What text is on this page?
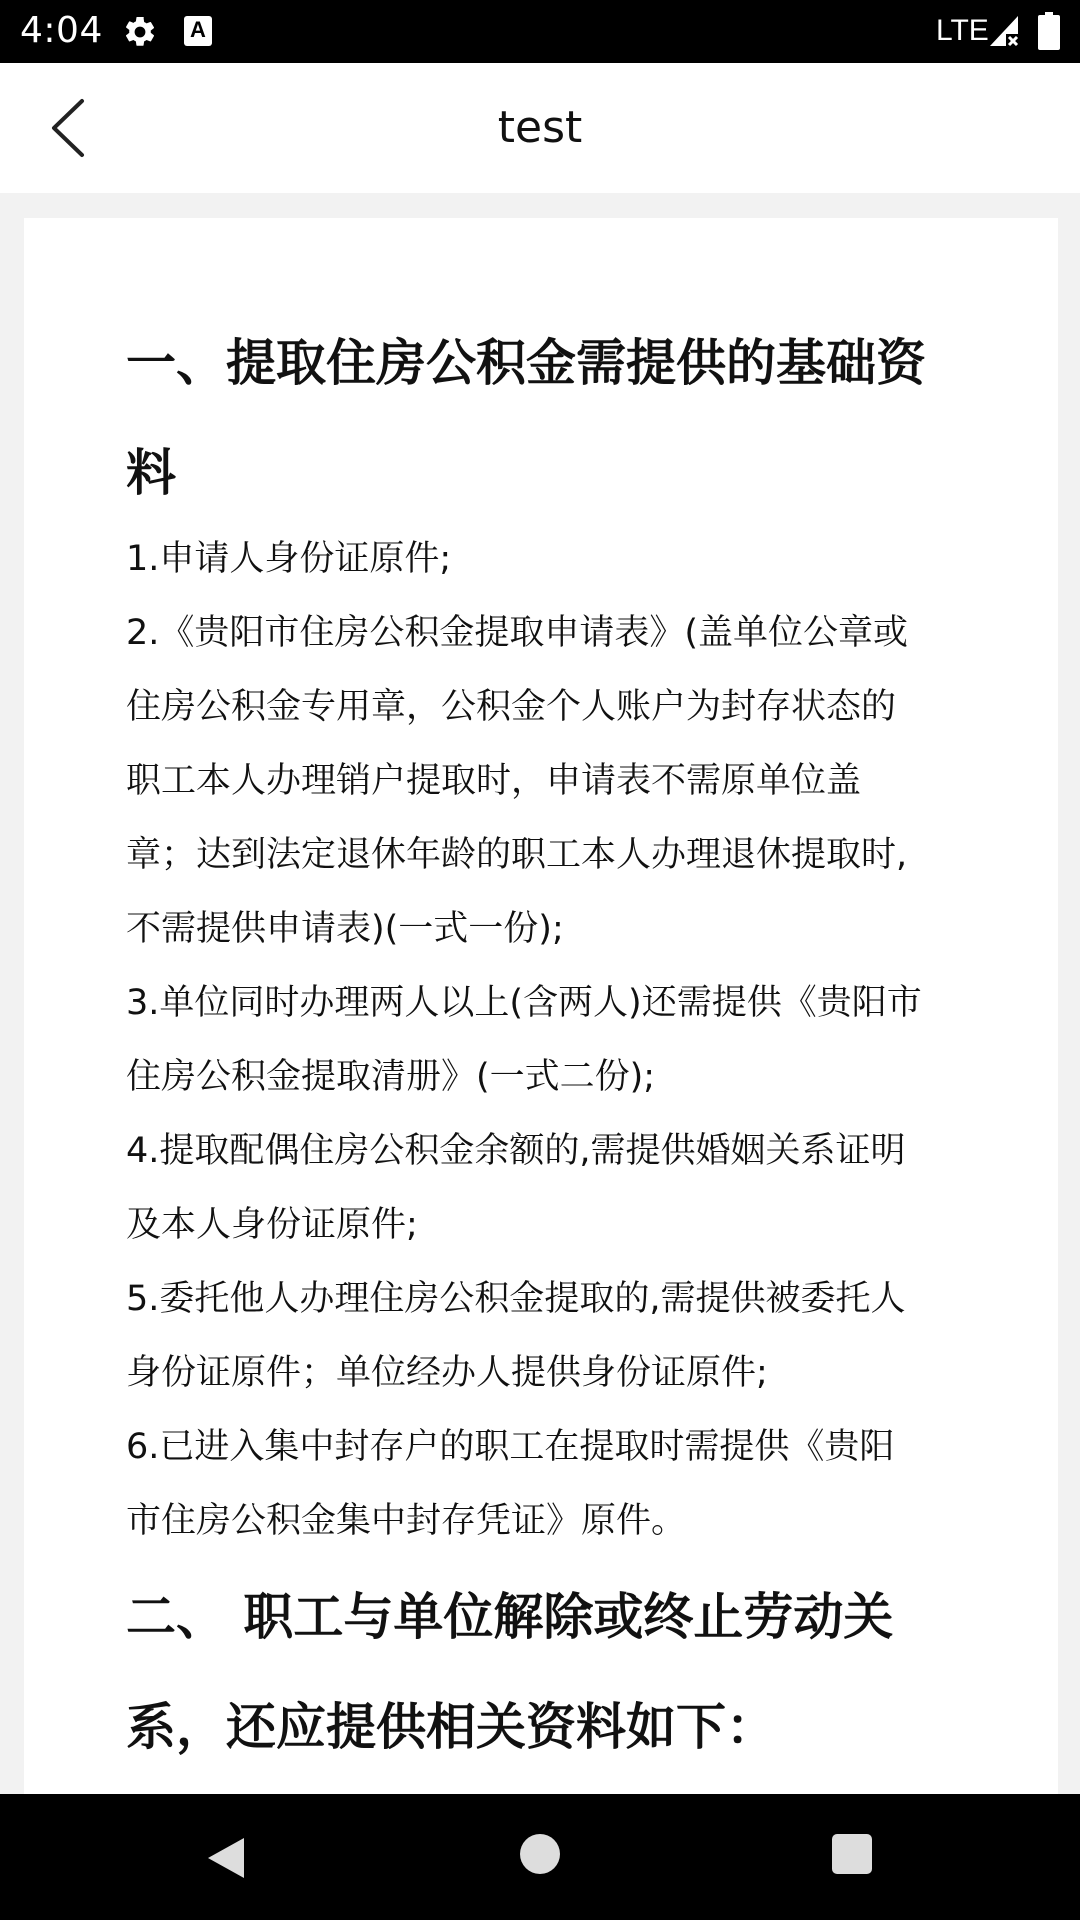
4:04	A	LTE
test
一、提取住房公积金需提供的基础资料

1.申请人身份证原件;

2.《贵阳市住房公积金提取申请表》(盖单位公章或住房公积金专用章，公积金个人账户为封存状态的职工本人办理销户提取时，申请表不需原单位盖章；达到法定退休年龄的职工本人办理退休提取时, 不需提供申请表)(一式一份);

3.单位同时办理两人以上(含两人)还需提供《贵阳市住房公积金提取清册》(一式二份);

4.提取配偶住房公积金余额的,需提供婚姻关系证明及本人身份证原件;

5.委托他人办理住房公积金提取的,需提供被委托人身份证原件；单位经办人提供身份证原件;

6.已进入集中封存户的职工在提取时需提供《贵阳市住房公积金集中封存凭证》原件。

二、 职工与单位解除或终止劳动关系，还应提供相关资料如下：
